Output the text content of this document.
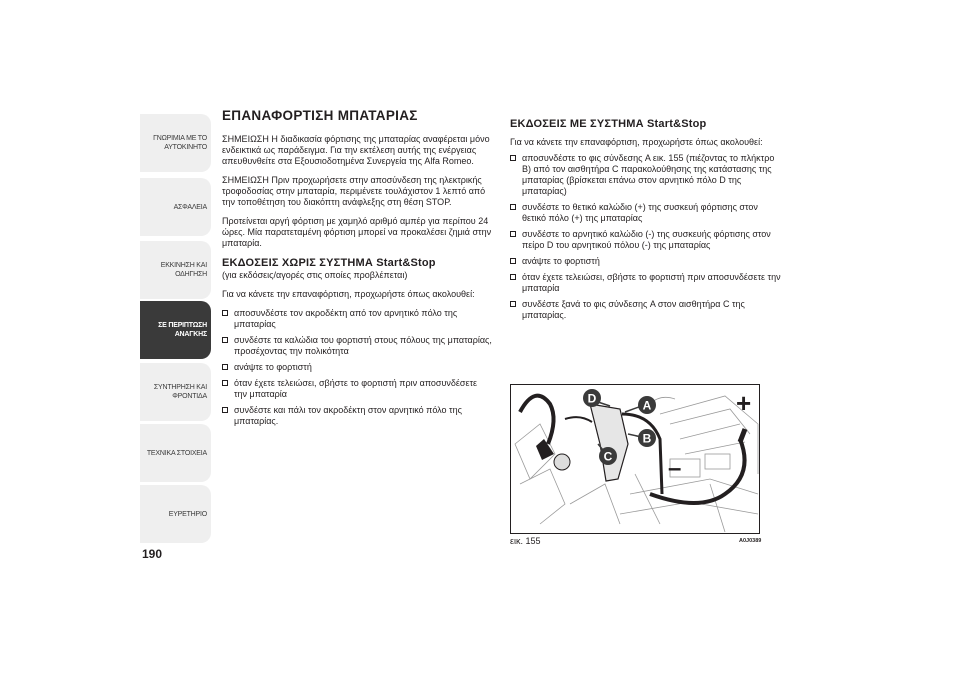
ΓΝΩΡΙΜΙΑ ΜΕ ΤΟ ΑΥΤΟΚΙΝΗΤΟ
ΑΣΦΑΛΕΙΑ
ΕΚΚΙΝΗΣΗ ΚΑΙ ΟΔΗΓΗΣΗ
ΣΕ ΠΕΡΙΠΤΩΣΗ ΑΝΑΓΚΗΣ
ΣΥΝΤΗΡΗΣΗ ΚΑΙ ΦΡΟΝΤΙΔΑ
ΤΕΧΝΙΚΑ ΣΤΟΙΧΕΙΑ
ΕΥΡΕΤΗΡΙΟ
190
ΕΠΑΝΑΦΟΡΤΙΣΗ ΜΠΑΤΑΡΙΑΣ

ΣΗΜΕΙΩΣΗ Η διαδικασία φόρτισης της μπαταρίας αναφέρεται μόνο ενδεικτικά ως παράδειγμα. Για την εκτέλεση αυτής της ενέργειας απευθυνθείτε στα Εξουσιοδοτημένα Συνεργεία της Alfa Romeo.

ΣΗΜΕΙΩΣΗ Πριν προχωρήσετε στην αποσύνδεση της ηλεκτρικής τροφοδοσίας στην μπαταρία, περιμένετε τουλάχιστον 1 λεπτό από την τοποθέτηση του διακόπτη ανάφλεξης στη θέση STOP.

Προτείνεται αργή φόρτιση με χαμηλό αριθμό αμπέρ για περίπου 24 ώρες. Μία παρατεταμένη φόρτιση μπορεί να προκαλέσει ζημιά στην μπαταρία.

ΕΚΔΟΣΕΙΣ ΧΩΡΙΣ ΣΥΣΤΗΜΑ Start&Stop
(για εκδόσεις/αγορές στις οποίες προβλέπεται)

Για να κάνετε την επαναφόρτιση, προχωρήστε όπως ακολουθεί:

αποσυνδέστε τον ακροδέκτη από τον αρνητικό πόλο της μπαταρίας
συνδέστε τα καλώδια του φορτιστή στους πόλους της μπαταρίας, προσέχοντας την πολικότητα
ανάψτε το φορτιστή
όταν έχετε τελειώσει, σβήστε το φορτιστή πριν αποσυνδέσετε την μπαταρία
συνδέστε και πάλι τον ακροδέκτη στον αρνητικό πόλο της μπαταρίας.
ΕΚΔΟΣΕΙΣ ΜΕ ΣΥΣΤΗΜΑ Start&Stop

Για να κάνετε την επαναφόρτιση, προχωρήστε όπως ακολουθεί:

αποσυνδέστε το φις σύνδεσης A εικ. 155 (πιέζοντας το πλήκτρο B) από τον αισθητήρα C παρακολούθησης της κατάστασης της μπαταρίας (βρίσκεται επάνω στον αρνητικό πόλο D της μπαταρίας)
συνδέστε το θετικό καλώδιο (+) της συσκευή φόρτισης στον θετικό πόλο (+) της μπαταρίας
συνδέστε το αρνητικό καλώδιο (-) της συσκευής φόρτισης στον πείρο D του αρνητικού πόλου (-) της μπαταρίας
ανάψτε το φορτιστή
όταν έχετε τελειώσει, σβήστε το φορτιστή πριν αποσυνδέσετε την μπαταρία
συνδέστε ξανά το φις σύνδεσης A στον αισθητήρα C της μπαταρίας.
+
–
D	A
B
C
εικ. 155	A0J0389
